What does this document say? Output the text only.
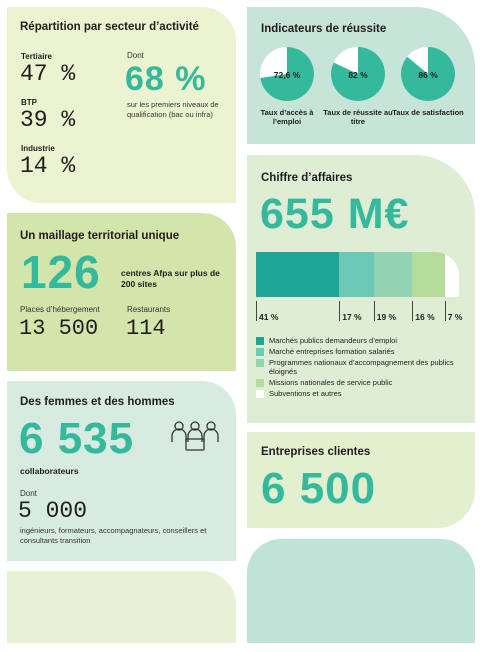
Répartition par secteur d’activité
Tertiaire
47 %
BTP
39 %
Industrie
14 %
Dont
68 %
sur les premiers niveaux de qualification (bac ou infra)
Un maillage territorial unique
126 centres Afpa sur plus de 200 sites
Places d’hébergement
13 500
Restaurants
114
Des femmes et des hommes
6 535
collaborateurs
Dont
5 000
ingénieurs, formateurs, accompagnateurs, conseillers et consultants transition
Indicateurs de réussite
72,6 %
Taux d’accès à l’emploi
82 %
Taux de réussite au titre
86 %
Taux de satisfaction
Chiffre d’affaires
655 M€
41 %	17 % 19 % 16 % 7 %
Marchés publics demandeurs d’emploi
Marché entreprises formation salariés
Programmes nationaux d’accompagnement des publics éloignés
Missions nationales de service public
Subventions et autres
Entreprises clientes
6 500
